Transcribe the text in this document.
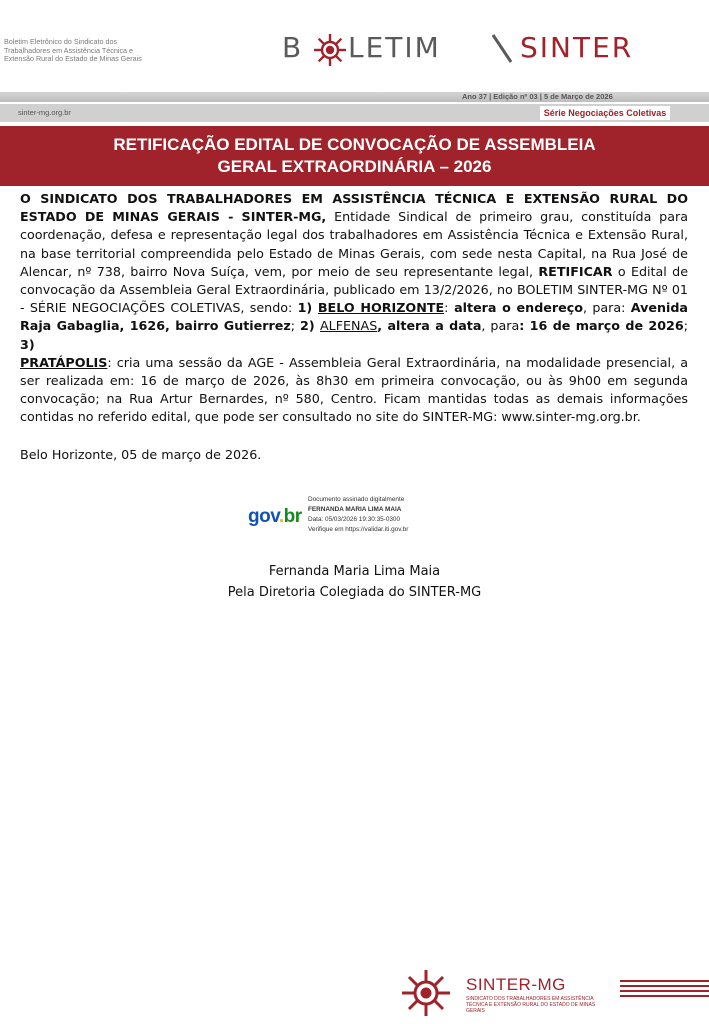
Boletim Eletrônico do Sindicato dos
Trabalhadores em Assistência Técnica e
Extensão Rural do Estado de Minas Gerais	B LETIM	SINTER
Ano 37 | Edição nº 03 | 5 de Março de 2026
sinter-mg.org.br	Série Negociações Coletivas
RETIFICAÇÃO EDITAL DE CONVOCAÇÃO DE ASSEMBLEIA
GERAL EXTRAORDINÁRIA – 2026
O SINDICATO DOS TRABALHADORES EM ASSISTÊNCIA TÉCNICA E EXTENSÃO RURAL DO ESTADO DE MINAS GERAIS - SINTER-MG, Entidade Sindical de primeiro grau, constituída para coordenação, defesa e representação legal dos trabalhadores em Assistência Técnica e Extensão Rural, na base territorial compreendida pelo Estado de Minas Gerais, com sede nesta Capital, na Rua José de Alencar, nº 738, bairro Nova Suíça, vem, por meio de seu representante legal, RETIFICAR o Edital de convocação da Assembleia Geral Extraordinária, publicado em 13/2/2026, no BOLETIM SINTER-MG Nº 01 - SÉRIE NEGOCIAÇÕES COLETIVAS, sendo: 1) BELO HORIZONTE: altera o endereço, para: Avenida Raja Gabaglia, 1626, bairro Gutierrez; 2) ALFENAS, altera a data, para: 16 de março de 2026; 3)
PRATÁPOLIS: cria uma sessão da AGE - Assembleia Geral Extraordinária, na modalidade presencial, a ser realizada em: 16 de março de 2026, às 8h30 em primeira convocação, ou às 9h00 em segunda convocação; na Rua Artur Bernardes, nº 580, Centro. Ficam mantidas todas as demais informações contidas no referido edital, que pode ser consultado no site do SINTER-MG: www.sinter-mg.org.br.
Belo Horizonte, 05 de março de 2026.
gov.br
Documento assinado digitalmente
FERNANDA MARIA LIMA MAIA
Data: 05/03/2026 19:30:35-0300
Verifique em https://validar.iti.gov.br
Fernanda Maria Lima Maia
Pela Diretoria Colegiada do SINTER-MG
SINTER-MG
SINDICATO DOS TRABALHADORES EM ASSISTÊNCIA TÉCNICA E EXTENSÃO RURAL DO ESTADO DE MINAS GERAIS
